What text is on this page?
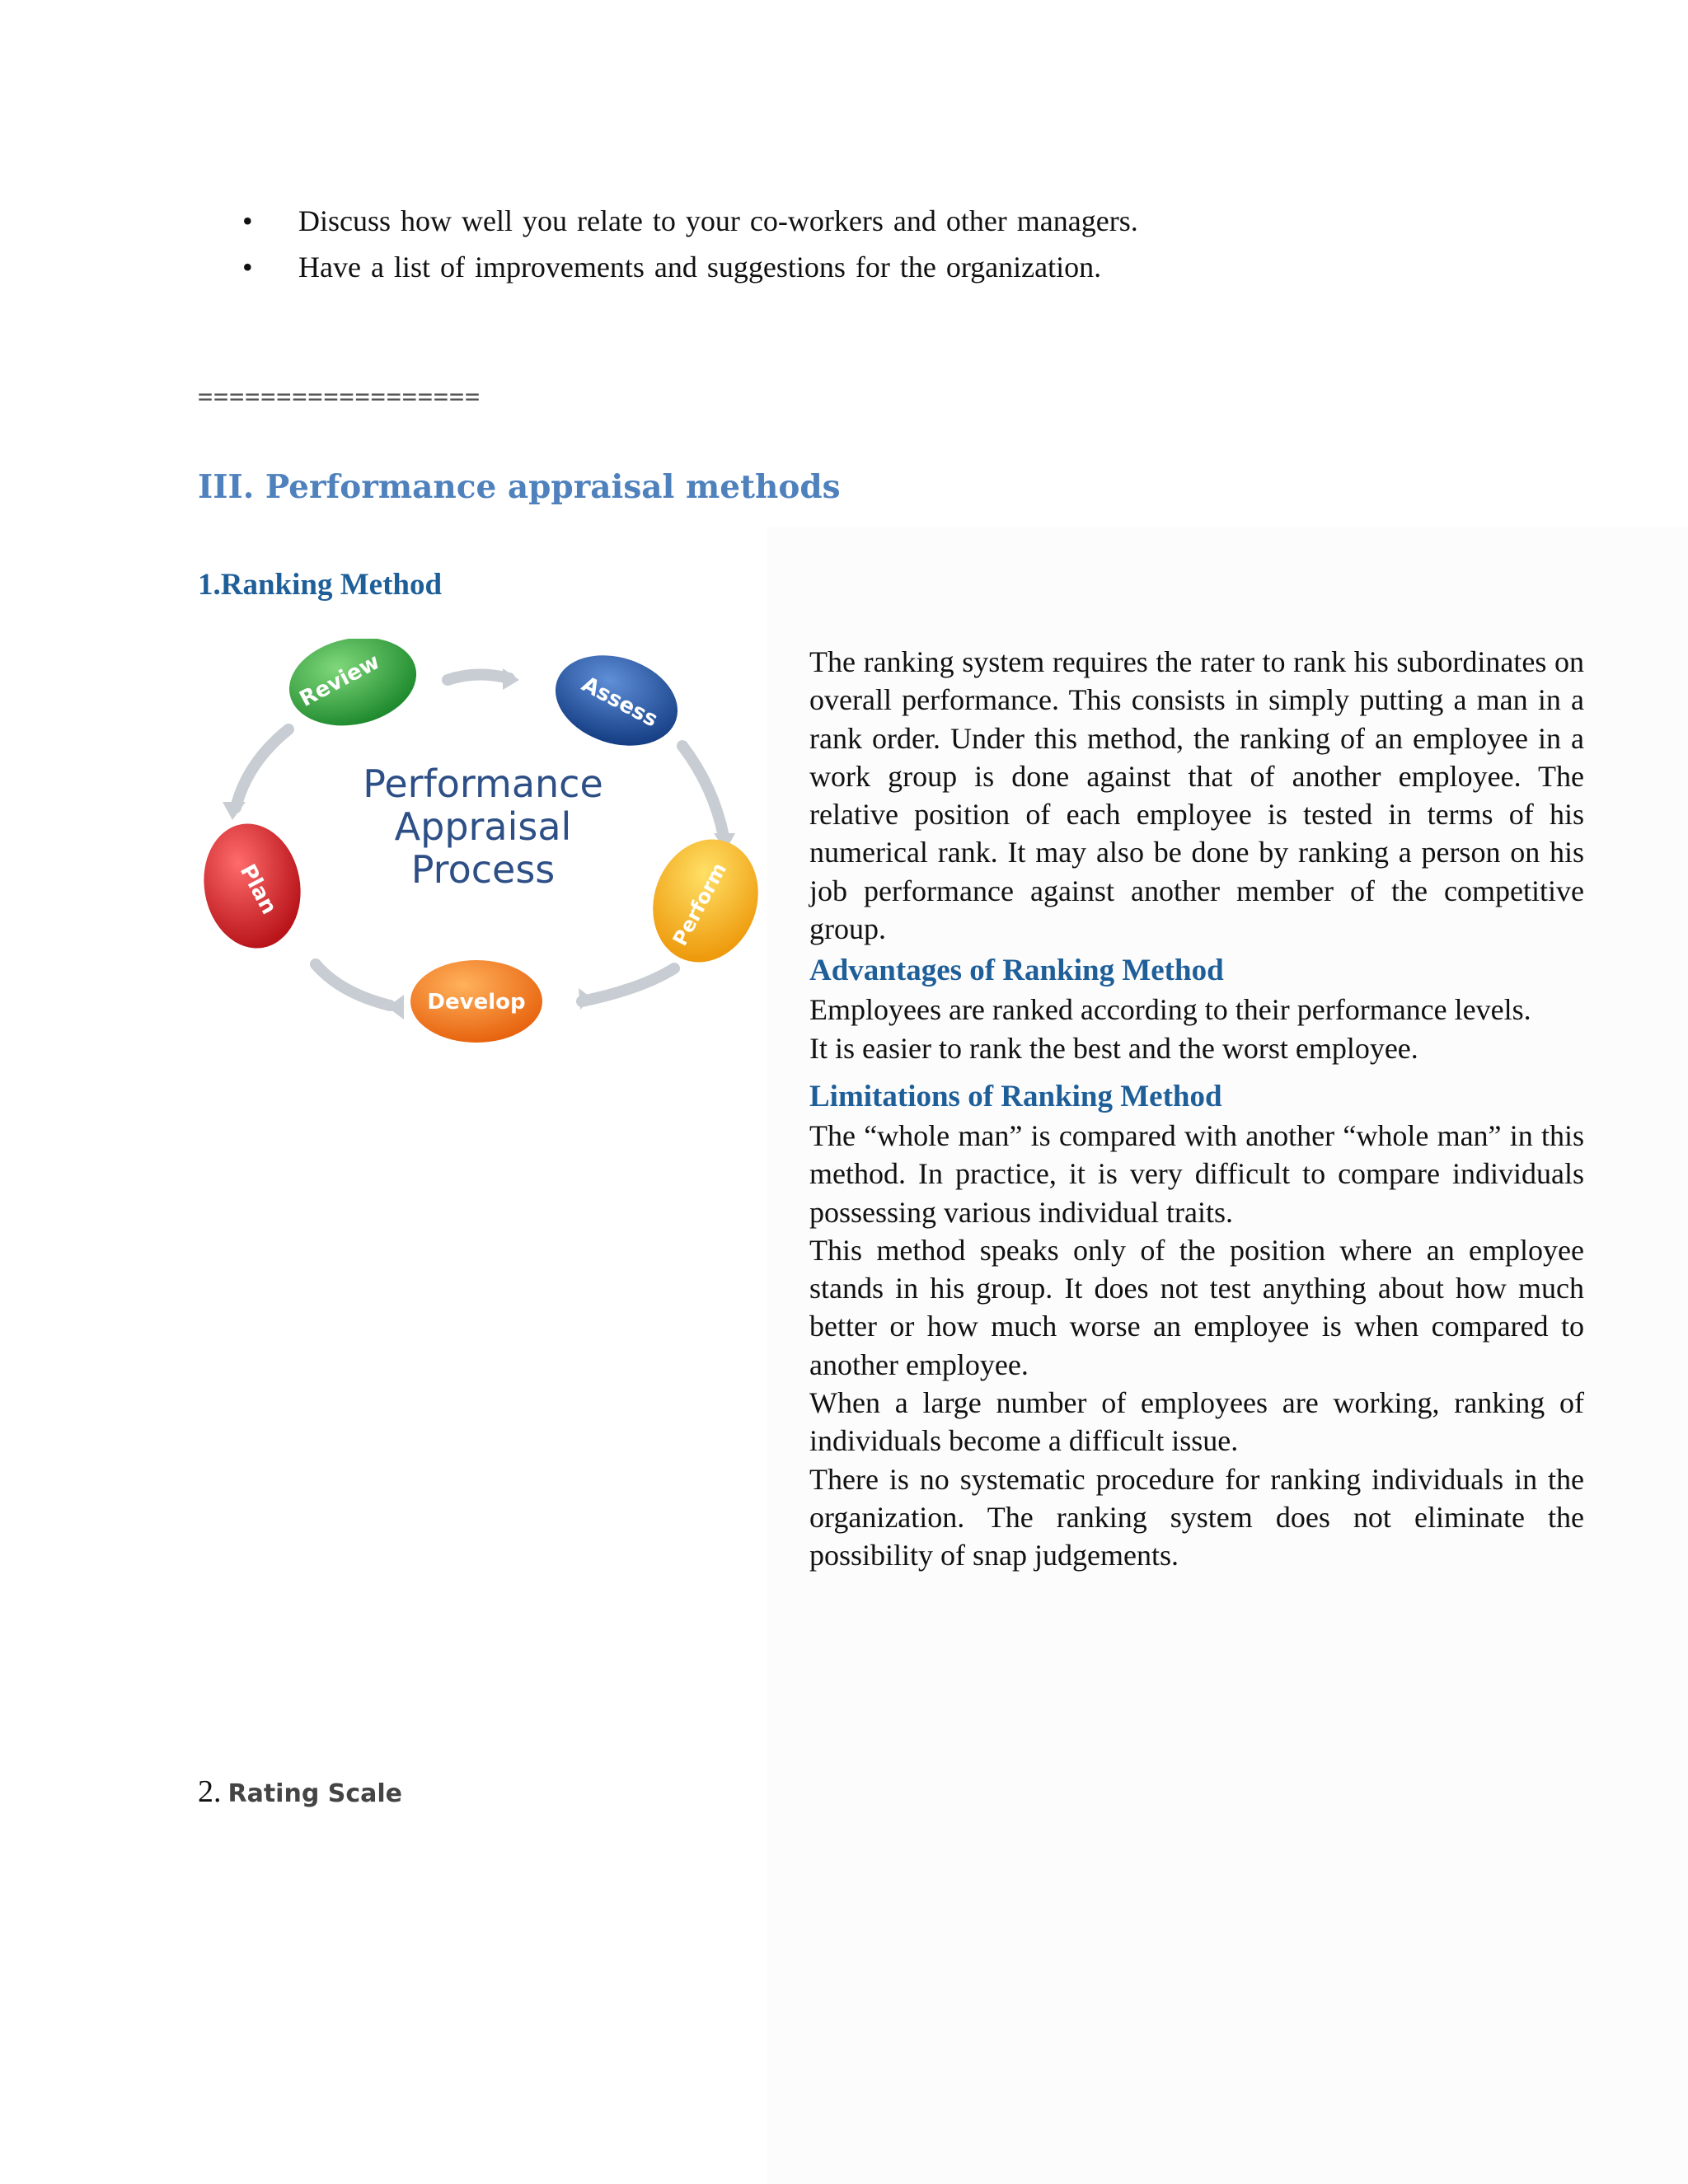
• Discuss how well you relate to your co-workers and other managers.
• Have a list of improvements and suggestions for the organization.
==================
III. Performance appraisal methods
1.Ranking Method
Review	Assess
Perform
Develop
Plan
Performance
Appraisal
Process

The ranking system requires the rater to rank his subordinates on overall performance. This consists in simply putting a man in a rank order. Under this method, the ranking of an employee in a work group is done against that of another employee. The relative position of each employee is tested in terms of his numerical rank. It may also be done by ranking a person on his job performance against another member of the competitive group.

Advantages of Ranking Method

Employees are ranked according to their performance levels.

It is easier to rank the best and the worst employee.

Limitations of Ranking Method

The “whole man” is compared with another “whole man” in this method. In practice, it is very difficult to compare individuals possessing various individual traits.

This method speaks only of the position where an employee stands in his group. It does not test anything about how much better or how much worse an employee is when compared to another employee.

When a large number of employees are working, ranking of individuals become a difficult issue.

There is no systematic procedure for ranking individuals in the organization. The ranking system does not eliminate the possibility of snap judgements.

2. Rating Scale
